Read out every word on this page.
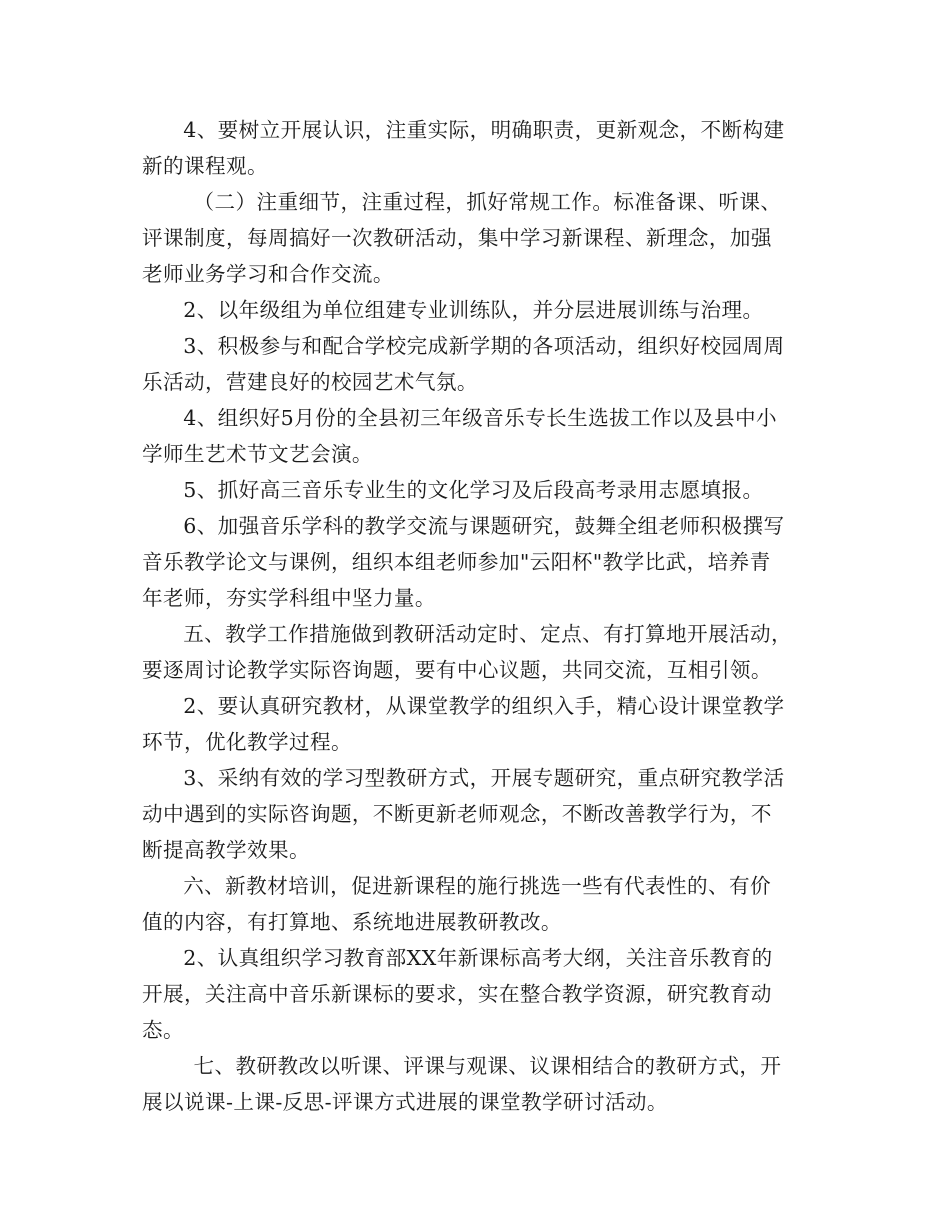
4、要树立开展认识，注重实际，明确职责，更新观念，不断构建
新的课程观。

（二）注重细节，注重过程，抓好常规工作。标准备课、听课、
评课制度，每周搞好一次教研活动，集中学习新课程、新理念，加强
老师业务学习和合作交流。

2、以年级组为单位组建专业训练队，并分层进展训练与治理。

3、积极参与和配合学校完成新学期的各项活动，组织好校园周周
乐活动，营建良好的校园艺术气氛。

4、组织好5月份的全县初三年级音乐专长生选拔工作以及县中小
学师生艺术节文艺会演。

5、抓好高三音乐专业生的文化学习及后段高考录用志愿填报。

6、加强音乐学科的教学交流与课题研究，鼓舞全组老师积极撰写
音乐教学论文与课例，组织本组老师参加"云阳杯"教学比武，培养青
年老师，夯实学科组中坚力量。

五、教学工作措施做到教研活动定时、定点、有打算地开展活动，
要逐周讨论教学实际咨询题，要有中心议题，共同交流，互相引领。

2、要认真研究教材，从课堂教学的组织入手，精心设计课堂教学
环节，优化教学过程。

3、采纳有效的学习型教研方式，开展专题研究，重点研究教学活
动中遇到的实际咨询题，不断更新老师观念，不断改善教学行为，不
断提高教学效果。

六、新教材培训，促进新课程的施行挑选一些有代表性的、有价
值的内容，有打算地、系统地进展教研教改。

2、认真组织学习教育部XX年新课标高考大纲，关注音乐教育的
开展，关注高中音乐新课标的要求，实在整合教学资源，研究教育动
态。

七、教研教改以听课、评课与观课、议课相结合的教研方式，开
展以说课-上课-反思-评课方式进展的课堂教学研讨活动。
